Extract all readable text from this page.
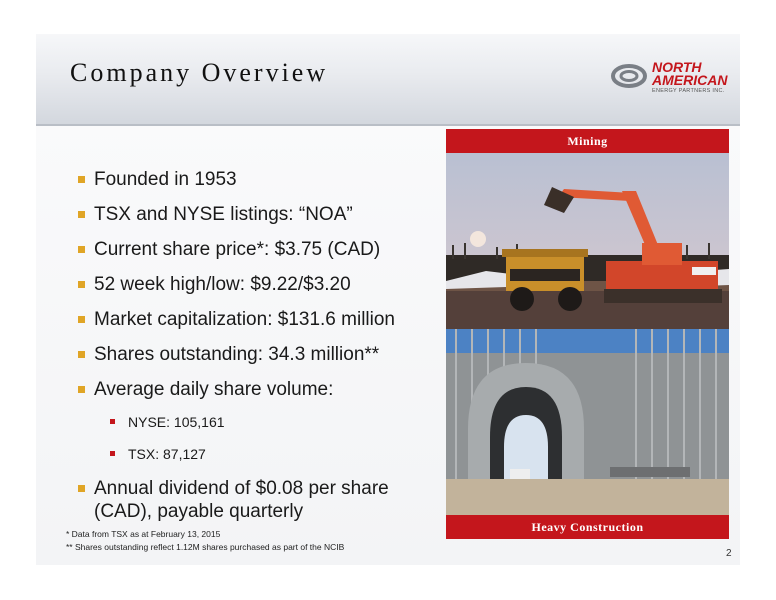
Company Overview	NORTH
AMERICAN
ENERGY PARTNERS INC.
Founded in 1953
TSX and NYSE listings: “NOA”
Current share price*: $3.75 (CAD)
52 week high/low: $9.22/$3.20
Market capitalization: $131.6 million
Shares outstanding: 34.3 million**
Average daily share volume:
NYSE: 105,161
TSX: 87,127
Annual dividend of $0.08 per share (CAD), payable quarterly
* Data from TSX as at February 13, 2015
** Shares outstanding reflect 1.12M shares purchased as part of the NCIB
2
Mining
Heavy Construction
